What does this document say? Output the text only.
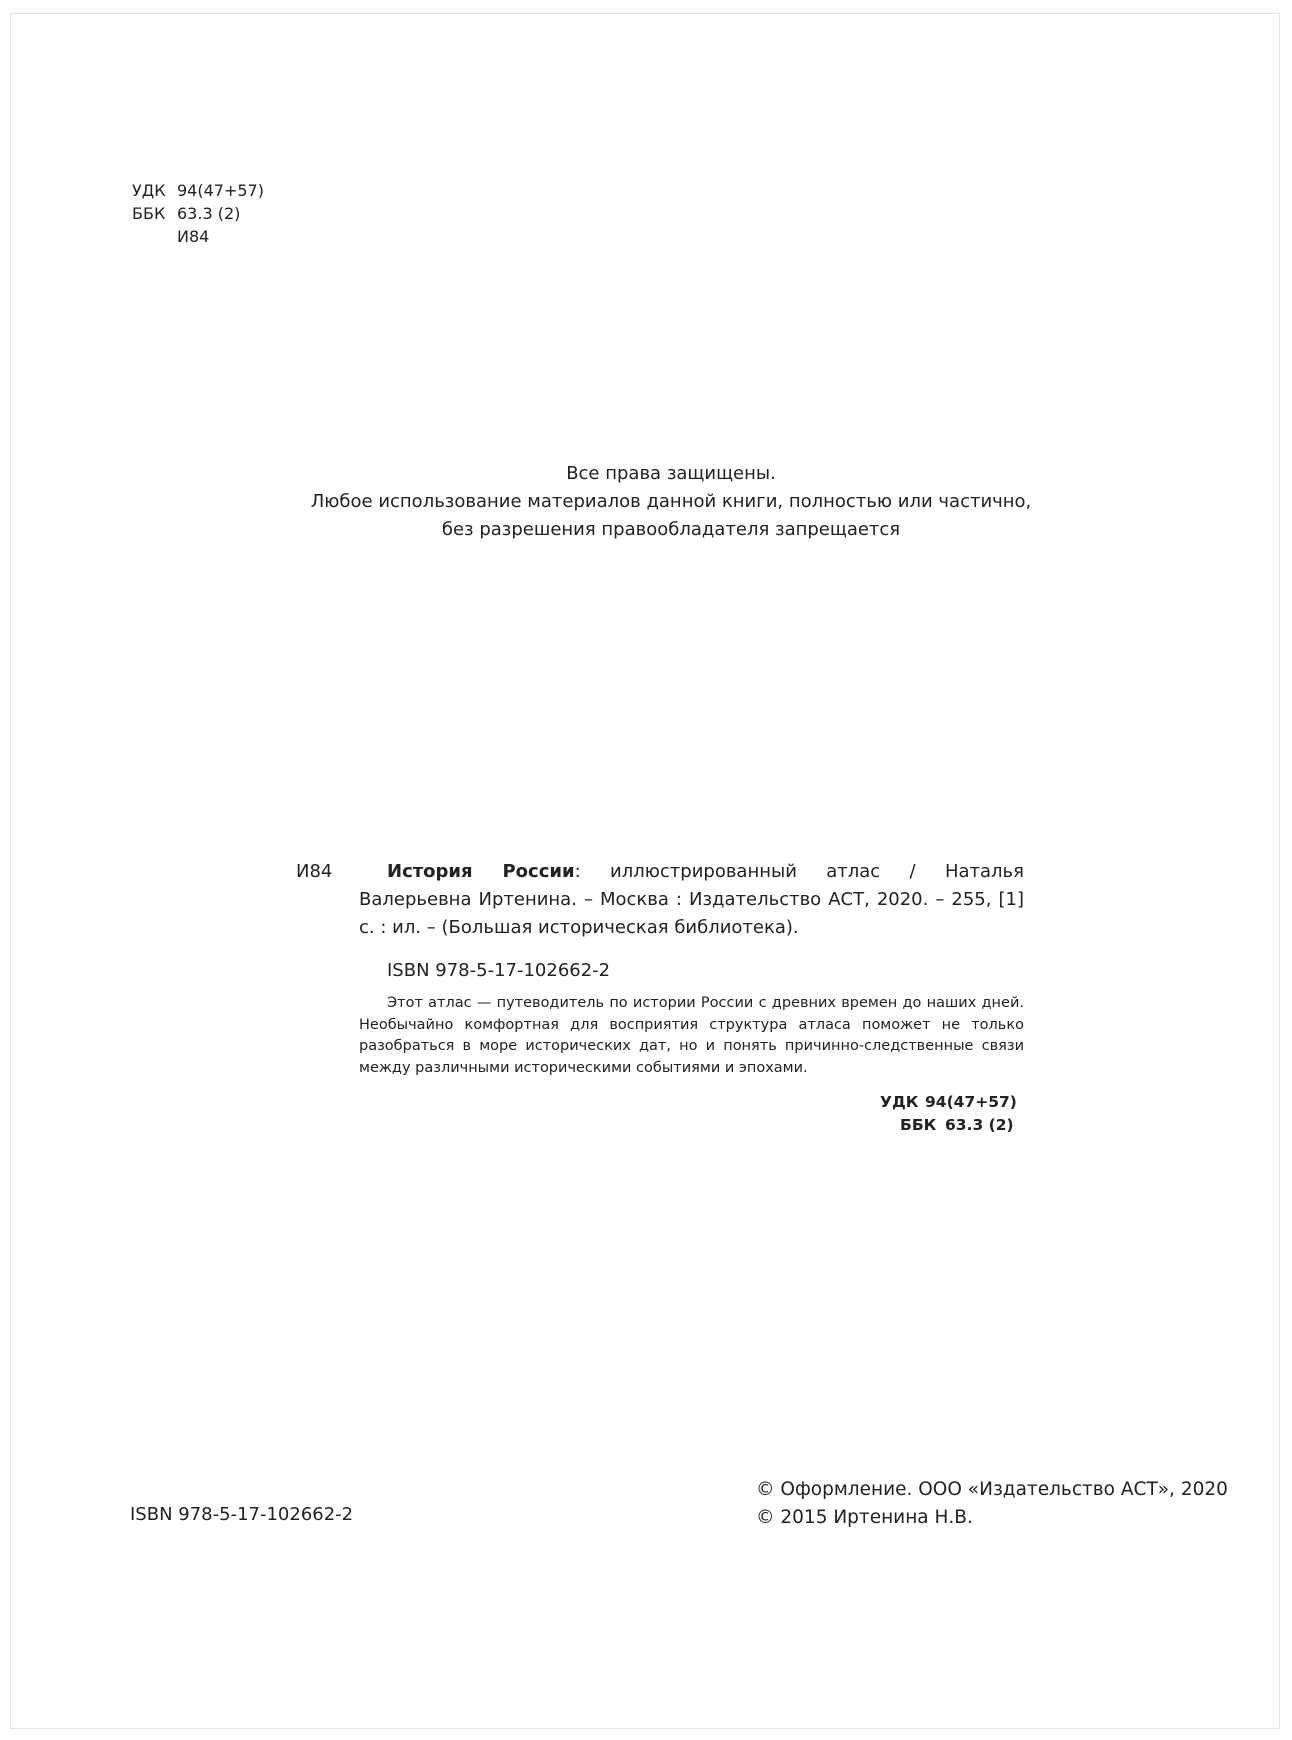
УДК 94(47+57)
ББК 63.3 (2)
И84
Все права защищены.
Любое использование материалов данной книги, полностью или частично,
без разрешения правообладателя запрещается
И84	История России: иллюстрированный атлас / Наталья Валерьевна Иртенина. – Москва : Издательство АСТ, 2020. – 255, [1] с. : ил. – (Большая историческая библиотека).
ISBN 978-5-17-102662-2
Этот атлас — путеводитель по истории России с древних времен до наших дней. Необычайно комфортная для восприятия структура атласа поможет не только разобраться в море исторических дат, но и понять причинно-следственные связи между различными историческими событиями и эпохами.
УДК 94(47+57)
ББК 63.3 (2)
ISBN 978-5-17-102662-2
© Оформление. ООО «Издательство АСТ», 2020
© 2015 Иртенина Н.В.
